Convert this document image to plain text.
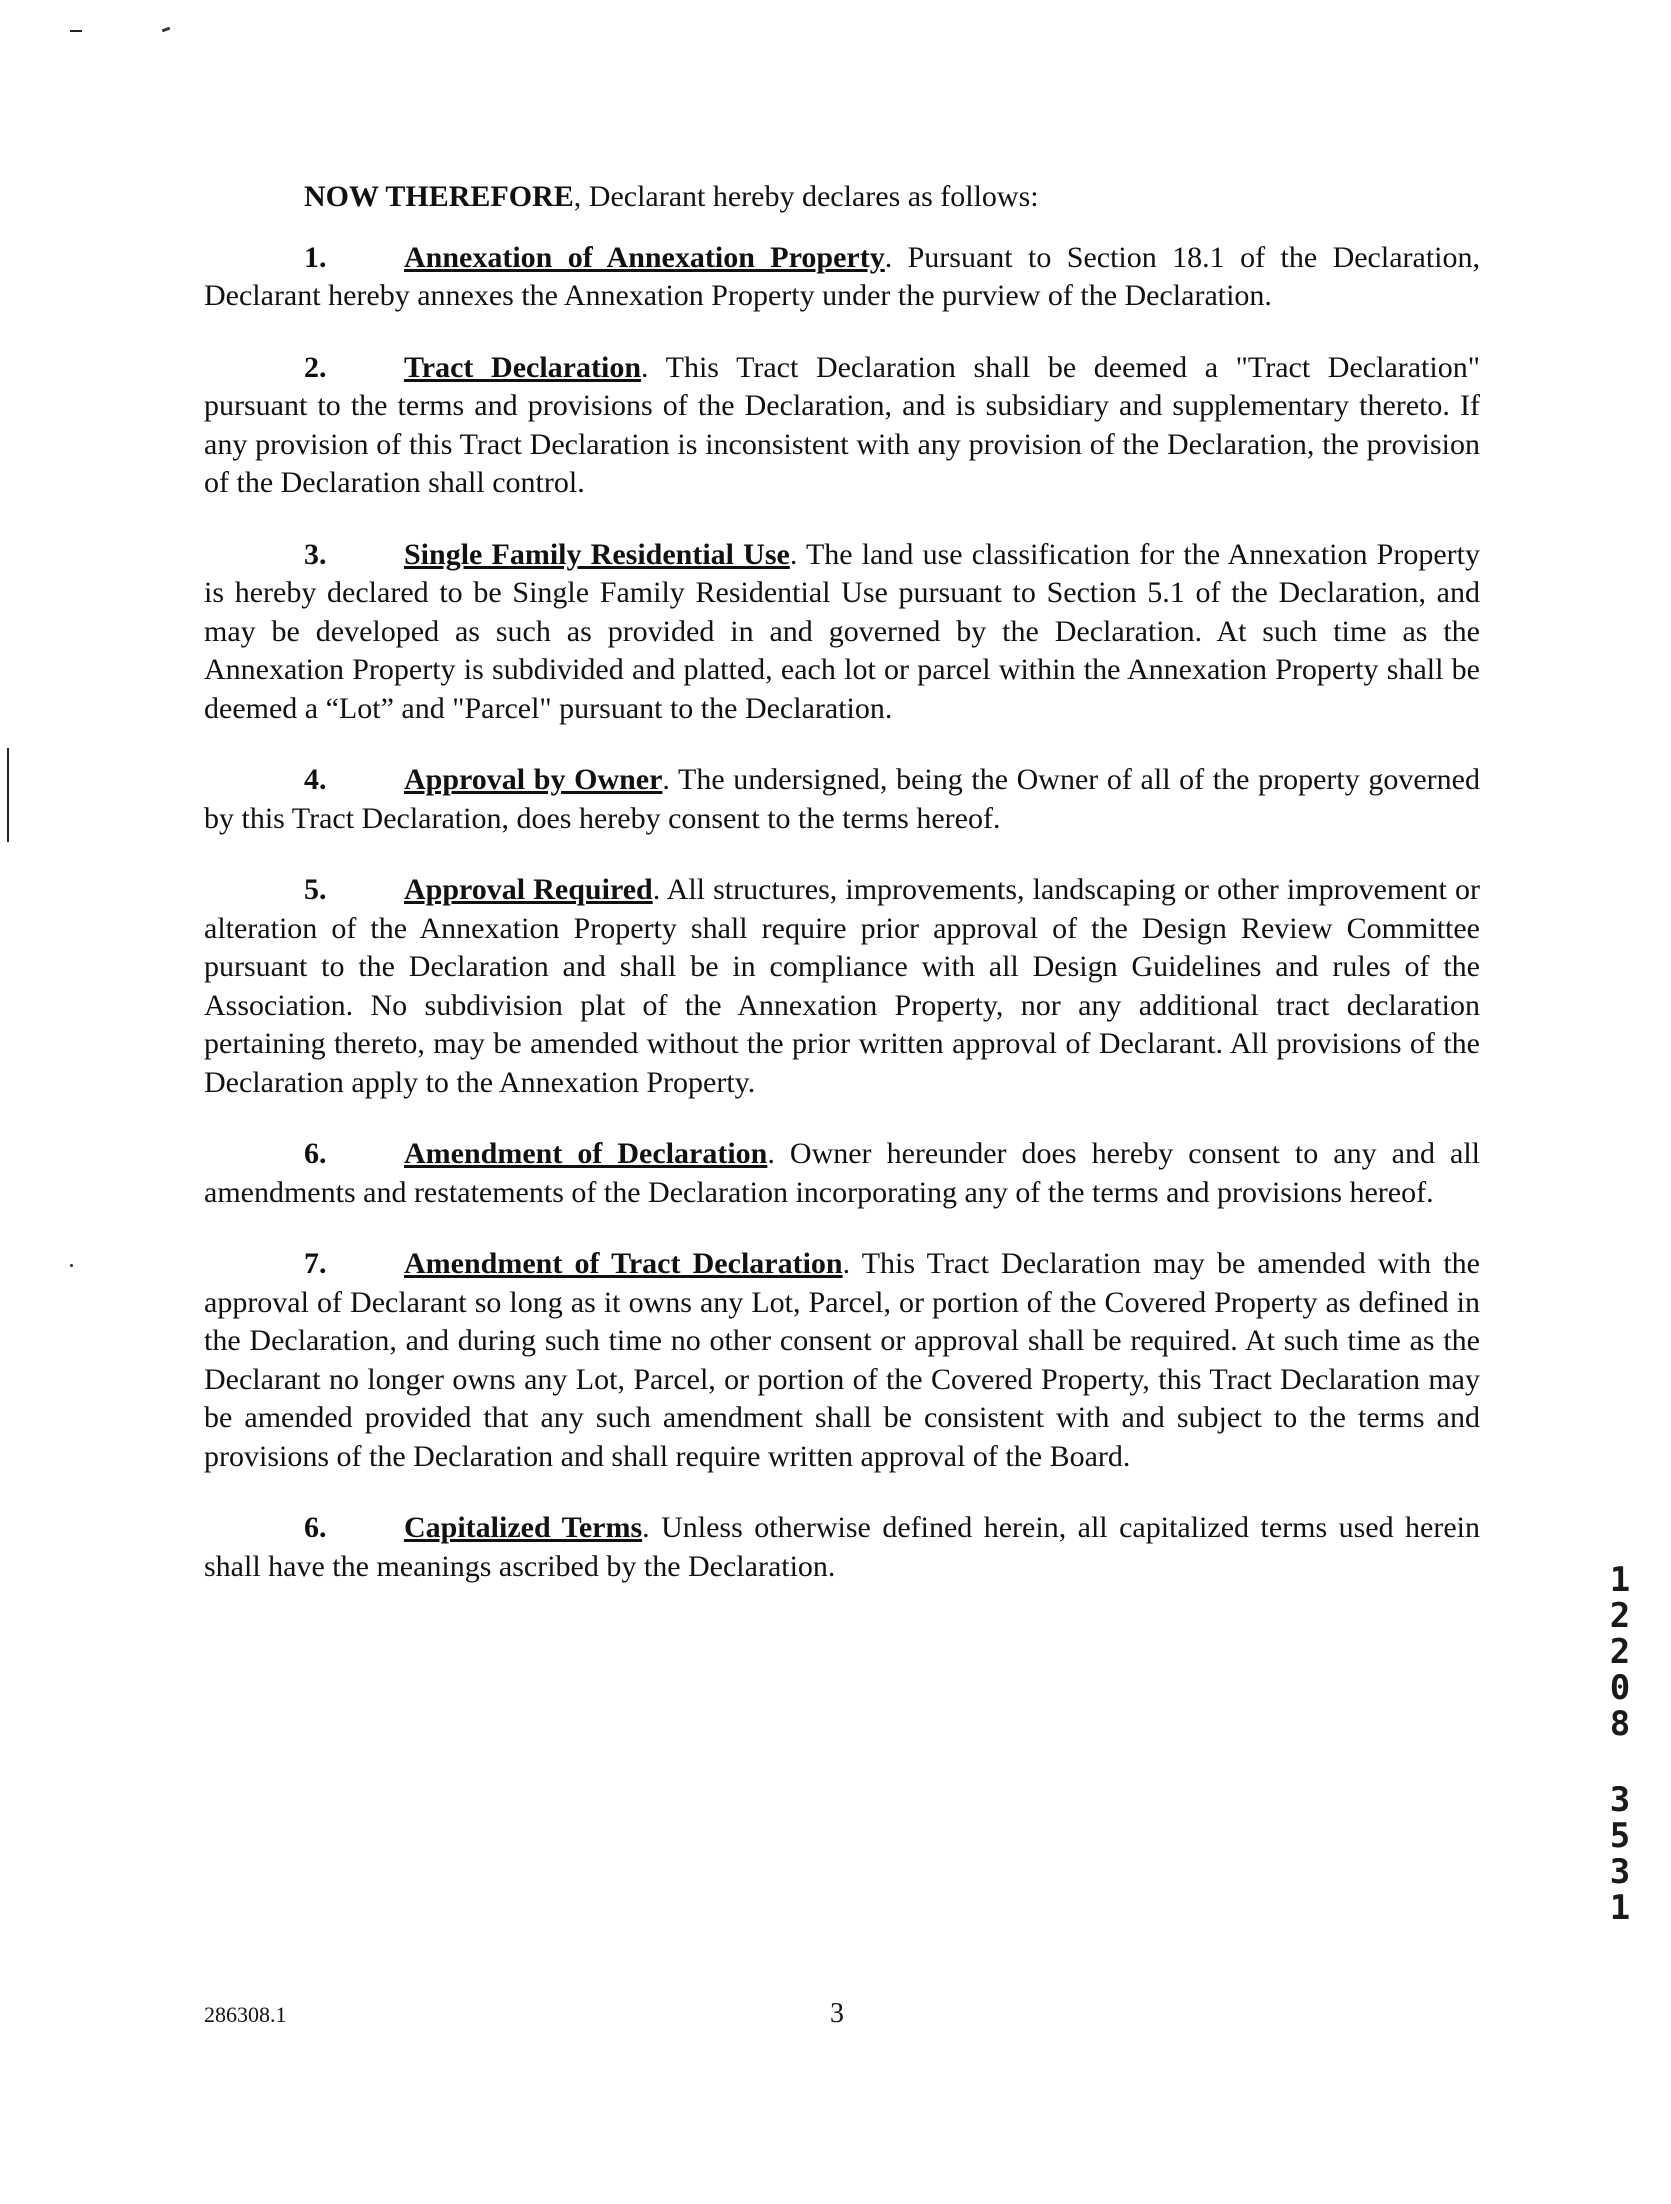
NOW THEREFORE, Declarant hereby declares as follows:

1.	Annexation of Annexation Property. Pursuant to Section 18.1 of the Declaration, Declarant hereby annexes the Annexation Property under the purview of the Declaration.

2.	Tract Declaration. This Tract Declaration shall be deemed a "Tract Declaration" pursuant to the terms and provisions of the Declaration, and is subsidiary and supplementary thereto. If any provision of this Tract Declaration is inconsistent with any provision of the Declaration, the provision of the Declaration shall control.

3.	Single Family Residential Use. The land use classification for the Annexation Property is hereby declared to be Single Family Residential Use pursuant to Section 5.1 of the Declaration, and may be developed as such as provided in and governed by the Declaration. At such time as the Annexation Property is subdivided and platted, each lot or parcel within the Annexation Property shall be deemed a “Lot” and "Parcel" pursuant to the Declaration.

4.	Approval by Owner. The undersigned, being the Owner of all of the property governed by this Tract Declaration, does hereby consent to the terms hereof.

5.	Approval Required. All structures, improvements, landscaping or other improvement or alteration of the Annexation Property shall require prior approval of the Design Review Committee pursuant to the Declaration and shall be in compliance with all Design Guidelines and rules of the Association. No subdivision plat of the Annexation Property, nor any additional tract declaration pertaining thereto, may be amended without the prior written approval of Declarant. All provisions of the Declaration apply to the Annexation Property.

6.	Amendment of Declaration. Owner hereunder does hereby consent to any and all amendments and restatements of the Declaration incorporating any of the terms and provisions hereof.

7.	Amendment of Tract Declaration. This Tract Declaration may be amended with the approval of Declarant so long as it owns any Lot, Parcel, or portion of the Covered Property as defined in the Declaration, and during such time no other consent or approval shall be required. At such time as the Declarant no longer owns any Lot, Parcel, or portion of the Covered Property, this Tract Declaration may be amended provided that any such amendment shall be consistent with and subject to the terms and provisions of the Declaration and shall require written approval of the Board.

6.	Capitalized Terms. Unless otherwise defined herein, all capitalized terms used herein shall have the meanings ascribed by the Declaration.	1
2
2
0
8
3
5
3
1
286308.1	3
